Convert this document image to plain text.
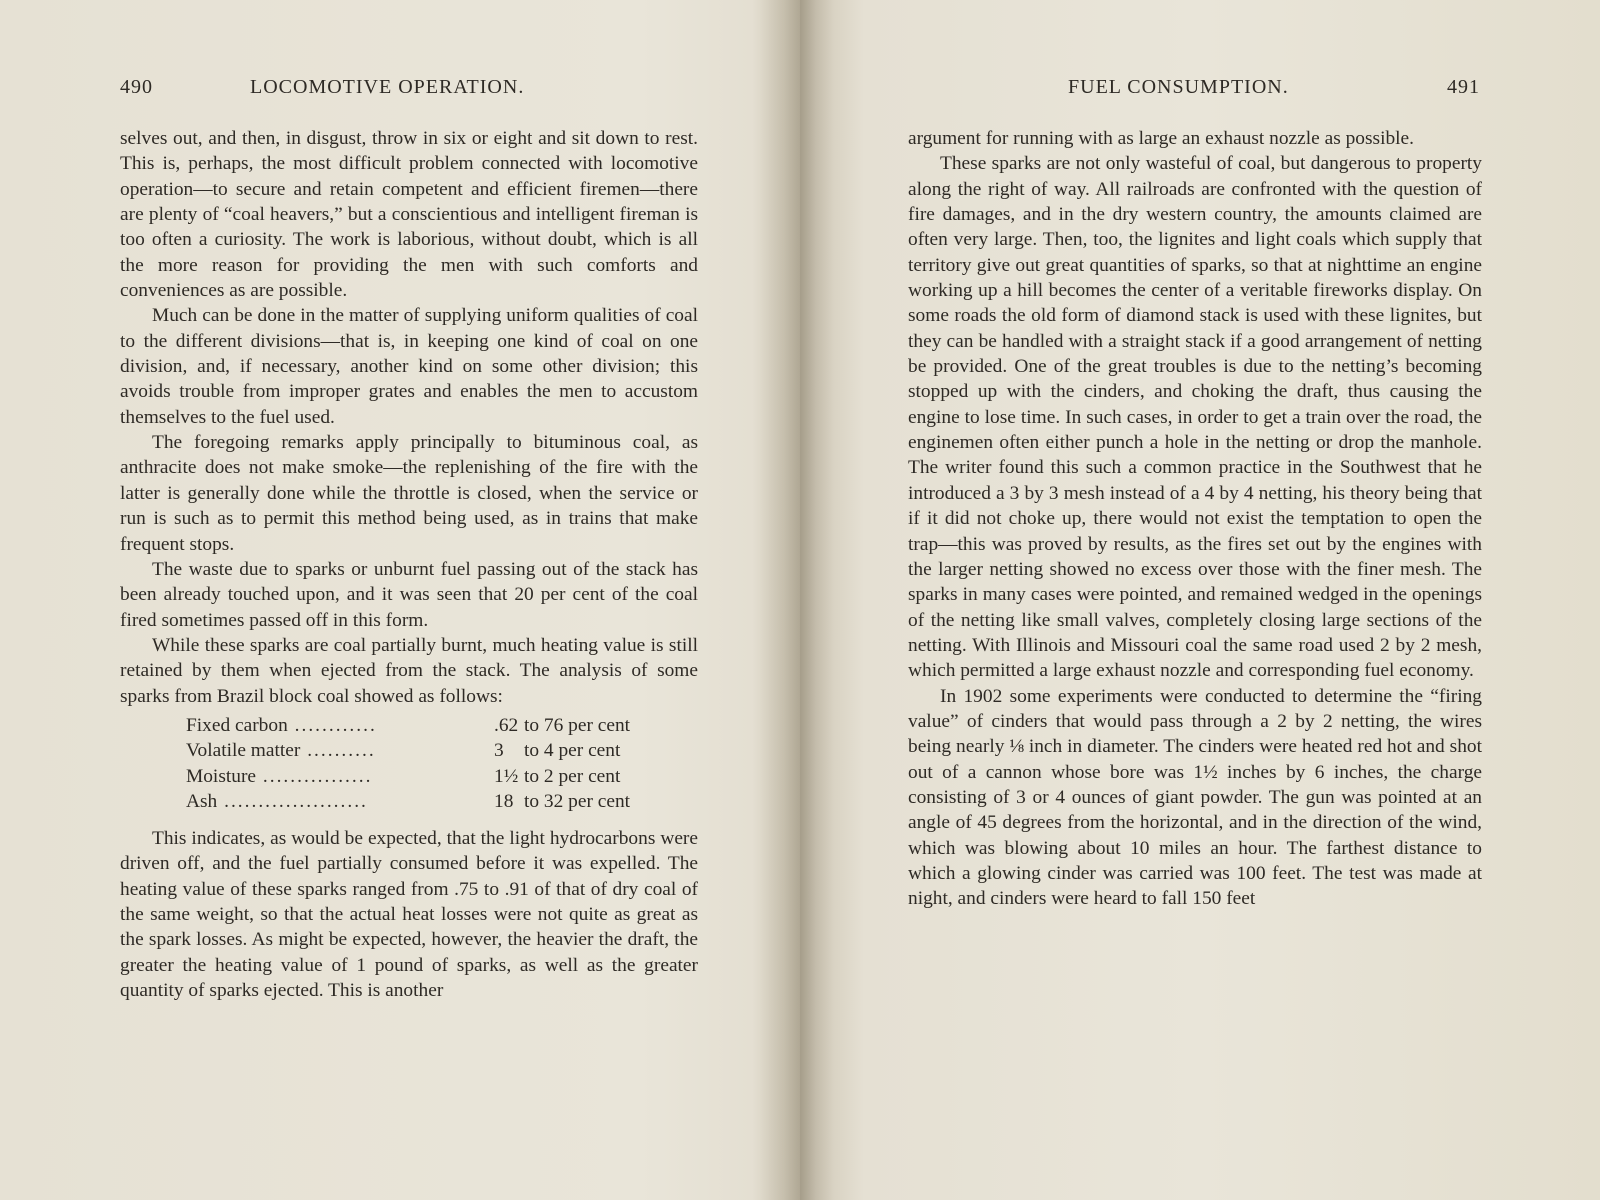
490	LOCOMOTIVE OPERATION.

selves out, and then, in disgust, throw in six or eight and sit down to rest. This is, perhaps, the most difficult problem connected with locomotive operation—to secure and retain competent and efficient firemen—there are plenty of “coal heavers,” but a conscientious and intelligent fireman is too often a curiosity. The work is laborious, without doubt, which is all the more reason for providing the men with such comforts and conveniences as are possible.

Much can be done in the matter of supplying uniform qualities of coal to the different divisions—that is, in keeping one kind of coal on one division, and, if necessary, another kind on some other division; this avoids trouble from improper grates and enables the men to accustom themselves to the fuel used.

The foregoing remarks apply principally to bituminous coal, as anthracite does not make smoke—the replenishing of the fire with the latter is generally done while the throttle is closed, when the service or run is such as to permit this method being used, as in trains that make frequent stops.

The waste due to sparks or unburnt fuel passing out of the stack has been already touched upon, and it was seen that 20 per cent of the coal fired sometimes passed off in this form.

While these sparks are coal partially burnt, much heating value is still retained by them when ejected from the stack. The analysis of some sparks from Brazil block coal showed as follows:

Fixed carbon ............	.62 to 76 per cent
Volatile matter ..........	3 to 4 per cent
Moisture ................	1½ to 2 per cent
Ash .....................	18 to 32 per cent

This indicates, as would be expected, that the light hydrocarbons were driven off, and the fuel partially consumed before it was expelled. The heating value of these sparks ranged from .75 to .91 of that of dry coal of the same weight, so that the actual heat losses were not quite as great as the spark losses. As might be expected, however, the heavier the draft, the greater the heating value of 1 pound of sparks, as well as the greater quantity of sparks ejected. This is another

FUEL CONSUMPTION.	491

argument for running with as large an exhaust nozzle as possible.

These sparks are not only wasteful of coal, but dangerous to property along the right of way. All railroads are confronted with the question of fire damages, and in the dry western country, the amounts claimed are often very large. Then, too, the lignites and light coals which supply that territory give out great quantities of sparks, so that at nighttime an engine working up a hill becomes the center of a veritable fireworks display. On some roads the old form of diamond stack is used with these lignites, but they can be handled with a straight stack if a good arrangement of netting be provided. One of the great troubles is due to the netting’s becoming stopped up with the cinders, and choking the draft, thus causing the engine to lose time. In such cases, in order to get a train over the road, the enginemen often either punch a hole in the netting or drop the manhole. The writer found this such a common practice in the Southwest that he introduced a 3 by 3 mesh instead of a 4 by 4 netting, his theory being that if it did not choke up, there would not exist the temptation to open the trap—this was proved by results, as the fires set out by the engines with the larger netting showed no excess over those with the finer mesh. The sparks in many cases were pointed, and remained wedged in the openings of the netting like small valves, completely closing large sections of the netting. With Illinois and Missouri coal the same road used 2 by 2 mesh, which permitted a large exhaust nozzle and corresponding fuel economy.

In 1902 some experiments were conducted to determine the “firing value” of cinders that would pass through a 2 by 2 netting, the wires being nearly ⅛ inch in diameter. The cinders were heated red hot and shot out of a cannon whose bore was 1½ inches by 6 inches, the charge consisting of 3 or 4 ounces of giant powder. The gun was pointed at an angle of 45 degrees from the horizontal, and in the direction of the wind, which was blowing about 10 miles an hour. The farthest distance to which a glowing cinder was carried was 100 feet. The test was made at night, and cinders were heard to fall 150 feet
